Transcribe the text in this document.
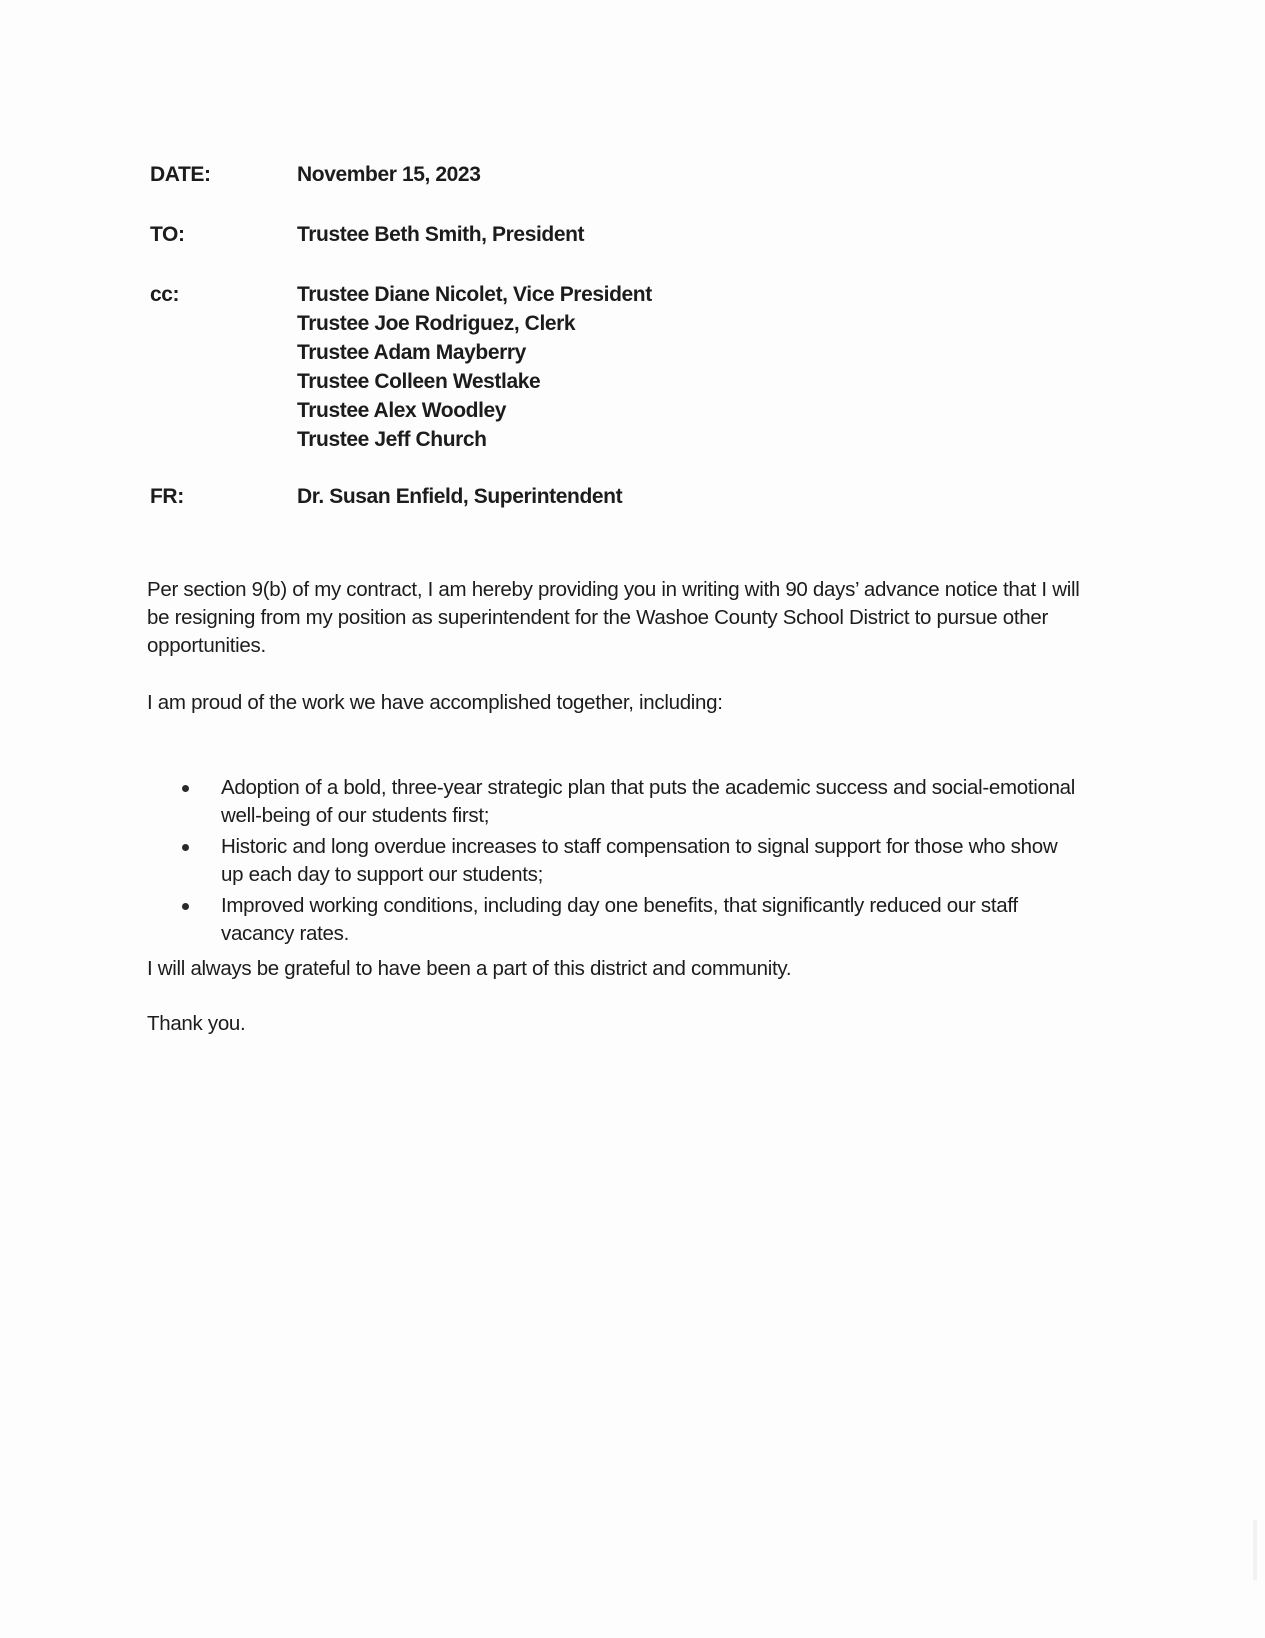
DATE:	November 15, 2023
TO:	Trustee Beth Smith, President
cc:	Trustee Diane Nicolet, Vice President
Trustee Joe Rodriguez, Clerk
Trustee Adam Mayberry
Trustee Colleen Westlake
Trustee Alex Woodley
Trustee Jeff Church
FR:	Dr. Susan Enfield, Superintendent

Per section 9(b) of my contract, I am hereby providing you in writing with 90 days’ advance notice that I will be resigning from my position as superintendent for the Washoe County School District to pursue other opportunities.

I am proud of the work we have accomplished together, including:

Adoption of a bold, three-year strategic plan that puts the academic success and social-emotional well-being of our students first;
Historic and long overdue increases to staff compensation to signal support for those who show up each day to support our students;
Improved working conditions, including day one benefits, that significantly reduced our staff vacancy rates.

I will always be grateful to have been a part of this district and community.

Thank you.
